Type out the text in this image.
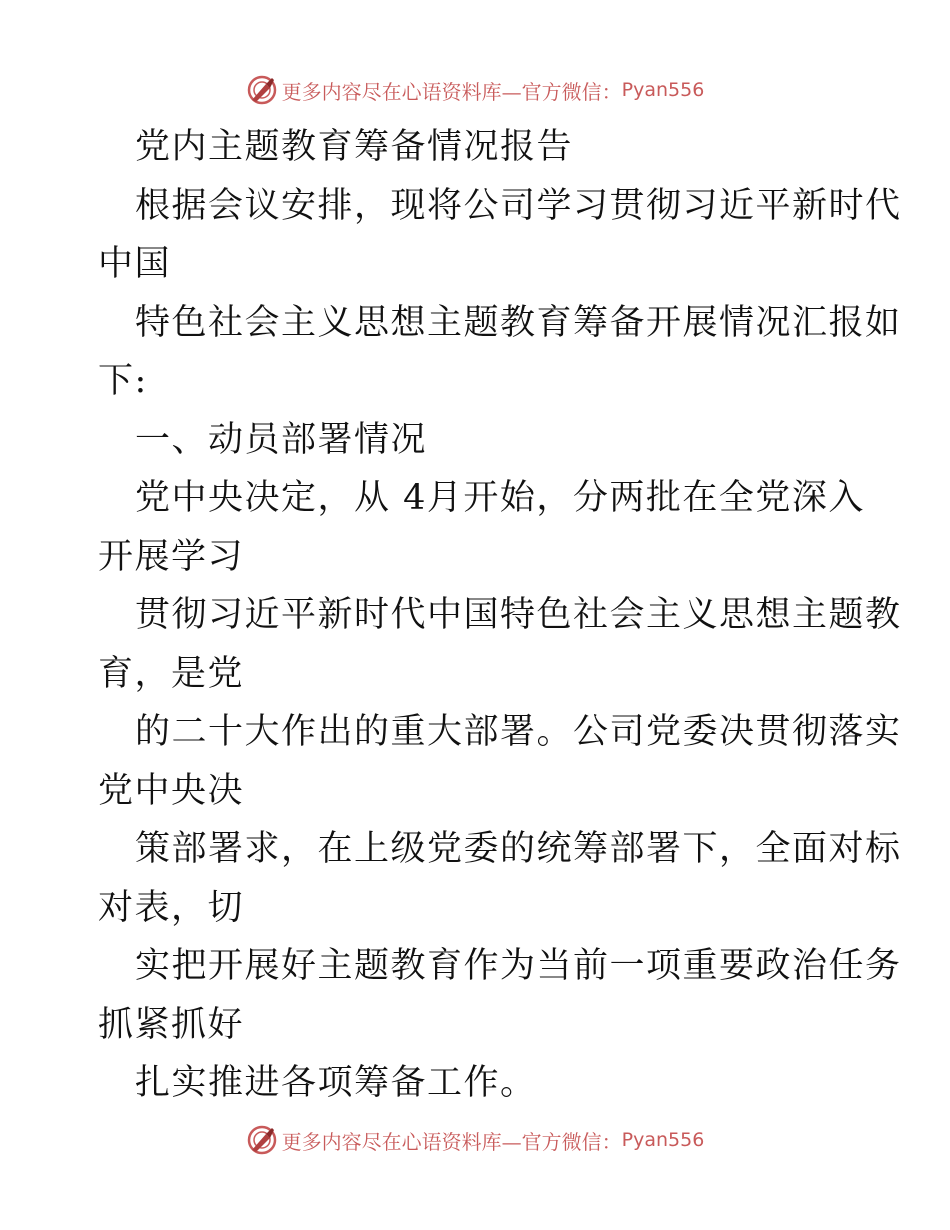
更多内容尽在心语资料库—官方微信： Pyan556
党内主题教育筹备情况报告
根据会议安排，现将公司学习贯彻习近平新时代
中国
特色社会主义思想主题教育筹备开展情况汇报如
下:
一、动员部署情况
党中央决定，从 4月开始，分两批在全党深入
开展学习
贯彻习近平新时代中国特色社会主义思想主题教
育，是党
的二十大作出的重大部署。公司党委决贯彻落实
党中央决
策部署求，在上级党委的统筹部署下，全面对标
对表，切
实把开展好主题教育作为当前一项重要政治任务
抓紧抓好
扎实推进各项筹备工作。
更多内容尽在心语资料库—官方微信： Pyan556
